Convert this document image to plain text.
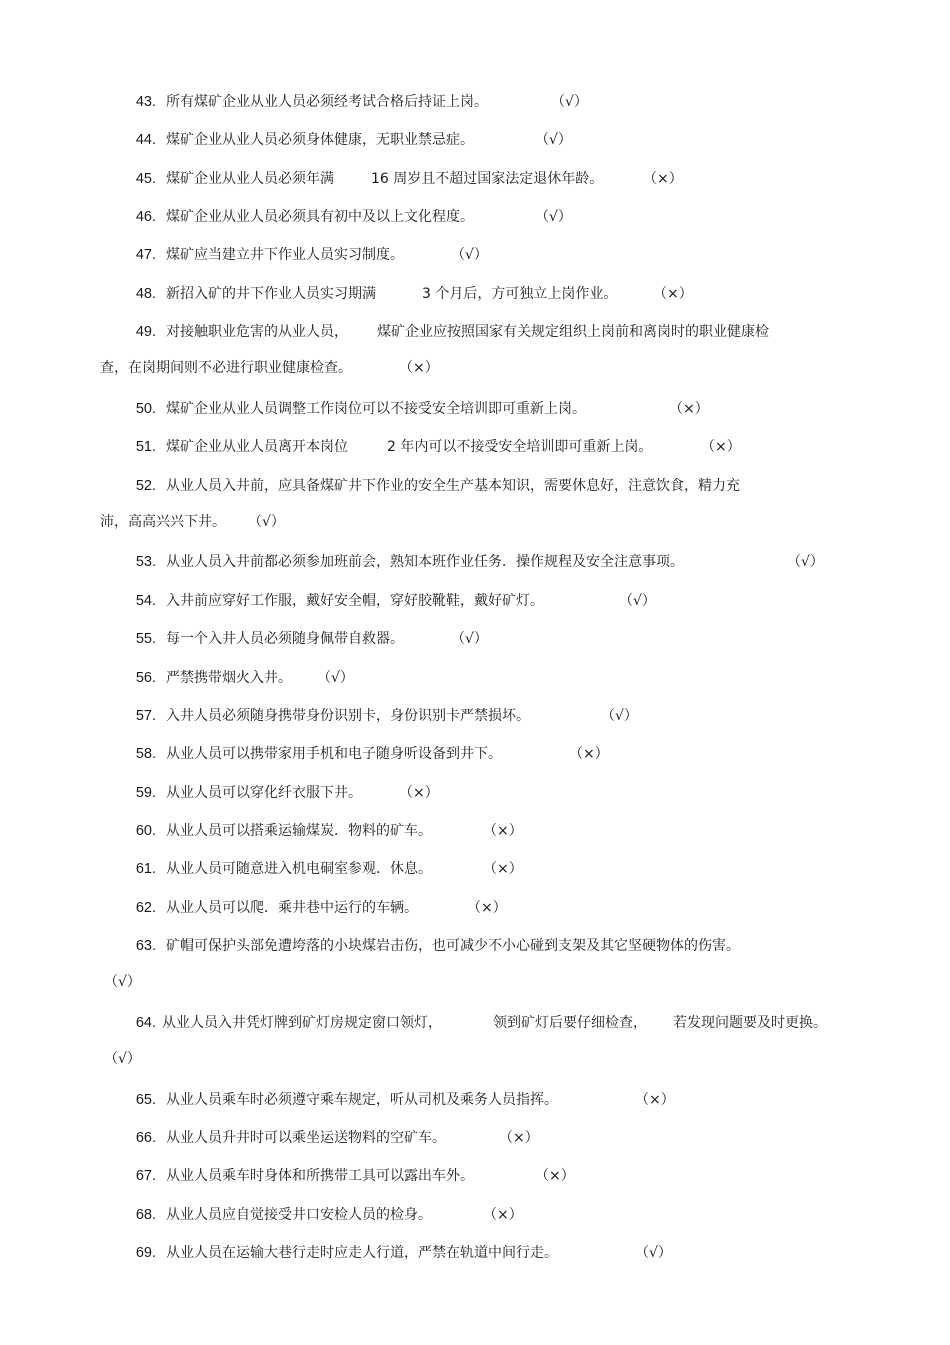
43. 所有煤矿企业从业人员必须经考试合格后持证上岗。	（√）
44. 煤矿企业从业人员必须身体健康，无职业禁忌症。	（√）
45. 煤矿企业从业人员必须年满	16 周岁且不超过国家法定退休年龄。	（×）
46. 煤矿企业从业人员必须具有初中及以上文化程度。	（√）
47. 煤矿应当建立井下作业人员实习制度。	（√）
48. 新招入矿的井下作业人员实习期满	3 个月后，方可独立上岗作业。	（×）
49. 对接触职业危害的从业人员， 煤矿企业应按照国家有关规定组织上岗前和离岗时的职业健康检
查，在岗期间则不必进行职业健康检查。	（×）
50. 煤矿企业从业人员调整工作岗位可以不接受安全培训即可重新上岗。	（×）
51. 煤矿企业从业人员离开本岗位	2 年内可以不接受安全培训即可重新上岗。	（×）
52. 从业人员入井前，应具备煤矿井下作业的安全生产基本知识，需要休息好，注意饮食，精力充
沛，高高兴兴下井。 （√）
53. 从业人员入井前都必须参加班前会，熟知本班作业任务．操作规程及安全注意事项。	（√）
54. 入井前应穿好工作服，戴好安全帽，穿好胶靴鞋，戴好矿灯。	（√）
55. 每一个入井人员必须随身佩带自救器。	（√）
56. 严禁携带烟火入井。 （√）
57. 入井人员必须随身携带身份识别卡，身份识别卡严禁损坏。	（√）
58. 从业人员可以携带家用手机和电子随身听设备到井下。	（×）
59. 从业人员可以穿化纤衣服下井。	（×）
60. 从业人员可以搭乘运输煤炭．物料的矿车。	（×）
61. 从业人员可随意进入机电硐室参观．休息。	（×）
62. 从业人员可以爬．乘井巷中运行的车辆。	（×）
63. 矿帽可保护头部免遭垮落的小块煤岩击伤，也可减少不小心碰到支架及其它坚硬物体的伤害。
（√）
64. 从业人员入井凭灯牌到矿灯房规定窗口领灯，	领到矿灯后要仔细检查， 若发现问题要及时更换。
（√）
65. 从业人员乘车时必须遵守乘车规定，听从司机及乘务人员指挥。	（×）
66. 从业人员升井时可以乘坐运送物料的空矿车。	（×）
67. 从业人员乘车时身体和所携带工具可以露出车外。	（×）
68. 从业人员应自觉接受井口安检人员的检身。	（×）
69. 从业人员在运输大巷行走时应走人行道，严禁在轨道中间行走。	（√）
